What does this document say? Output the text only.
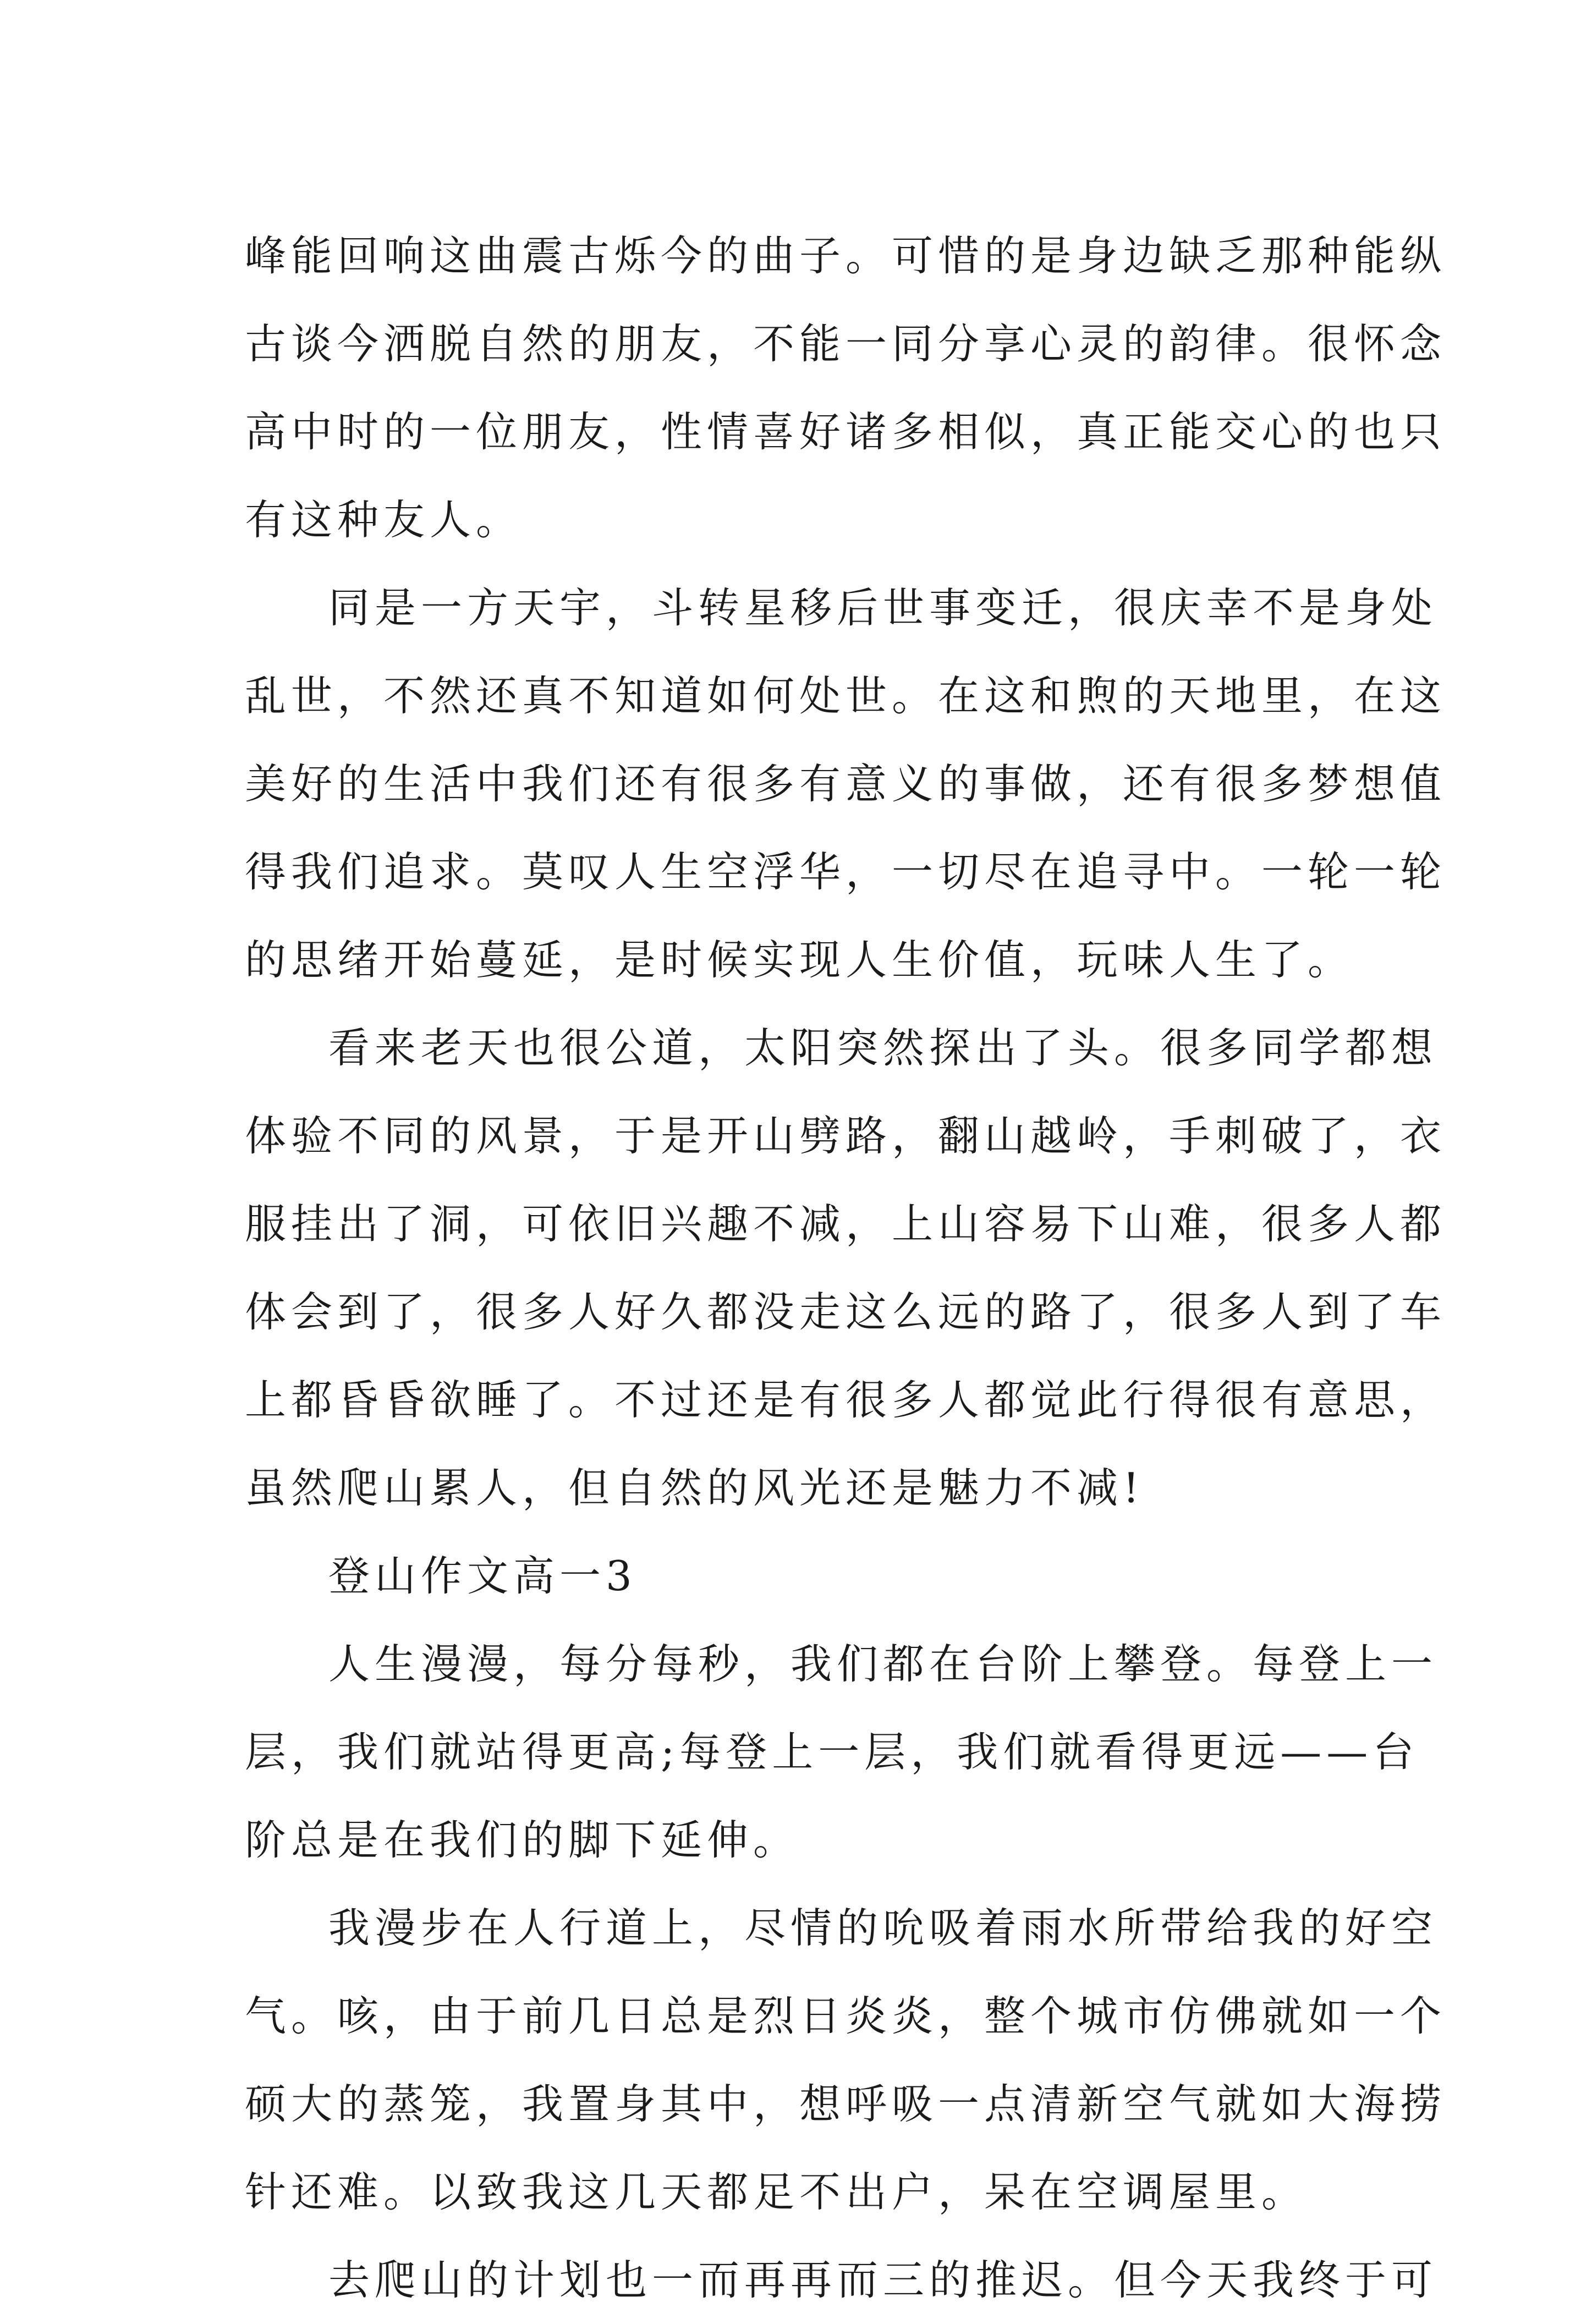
峰能回响这曲震古烁今的曲子。可惜的是身边缺乏那种能纵
古谈今洒脱自然的朋友，不能一同分享心灵的韵律。很怀念
高中时的一位朋友，性情喜好诸多相似，真正能交心的也只
有这种友人。
同是一方天宇，斗转星移后世事变迁，很庆幸不是身处
乱世，不然还真不知道如何处世。在这和煦的天地里，在这
美好的生活中我们还有很多有意义的事做，还有很多梦想值
得我们追求。莫叹人生空浮华，一切尽在追寻中。一轮一轮
的思绪开始蔓延，是时候实现人生价值，玩味人生了。
看来老天也很公道，太阳突然探出了头。很多同学都想
体验不同的风景，于是开山劈路，翻山越岭，手刺破了，衣
服挂出了洞，可依旧兴趣不减，上山容易下山难，很多人都
体会到了，很多人好久都没走这么远的路了，很多人到了车
上都昏昏欲睡了。不过还是有很多人都觉此行得很有意思，
虽然爬山累人，但自然的风光还是魅力不减!
登山作文高一3
人生漫漫，每分每秒，我们都在台阶上攀登。每登上一
层，我们就站得更高;每登上一层，我们就看得更远——台
阶总是在我们的脚下延伸。
我漫步在人行道上，尽情的吮吸着雨水所带给我的好空
气。咳，由于前几日总是烈日炎炎，整个城市仿佛就如一个
硕大的蒸笼，我置身其中，想呼吸一点清新空气就如大海捞
针还难。以致我这几天都足不出户，呆在空调屋里。
去爬山的计划也一而再再而三的推迟。但今天我终于可
